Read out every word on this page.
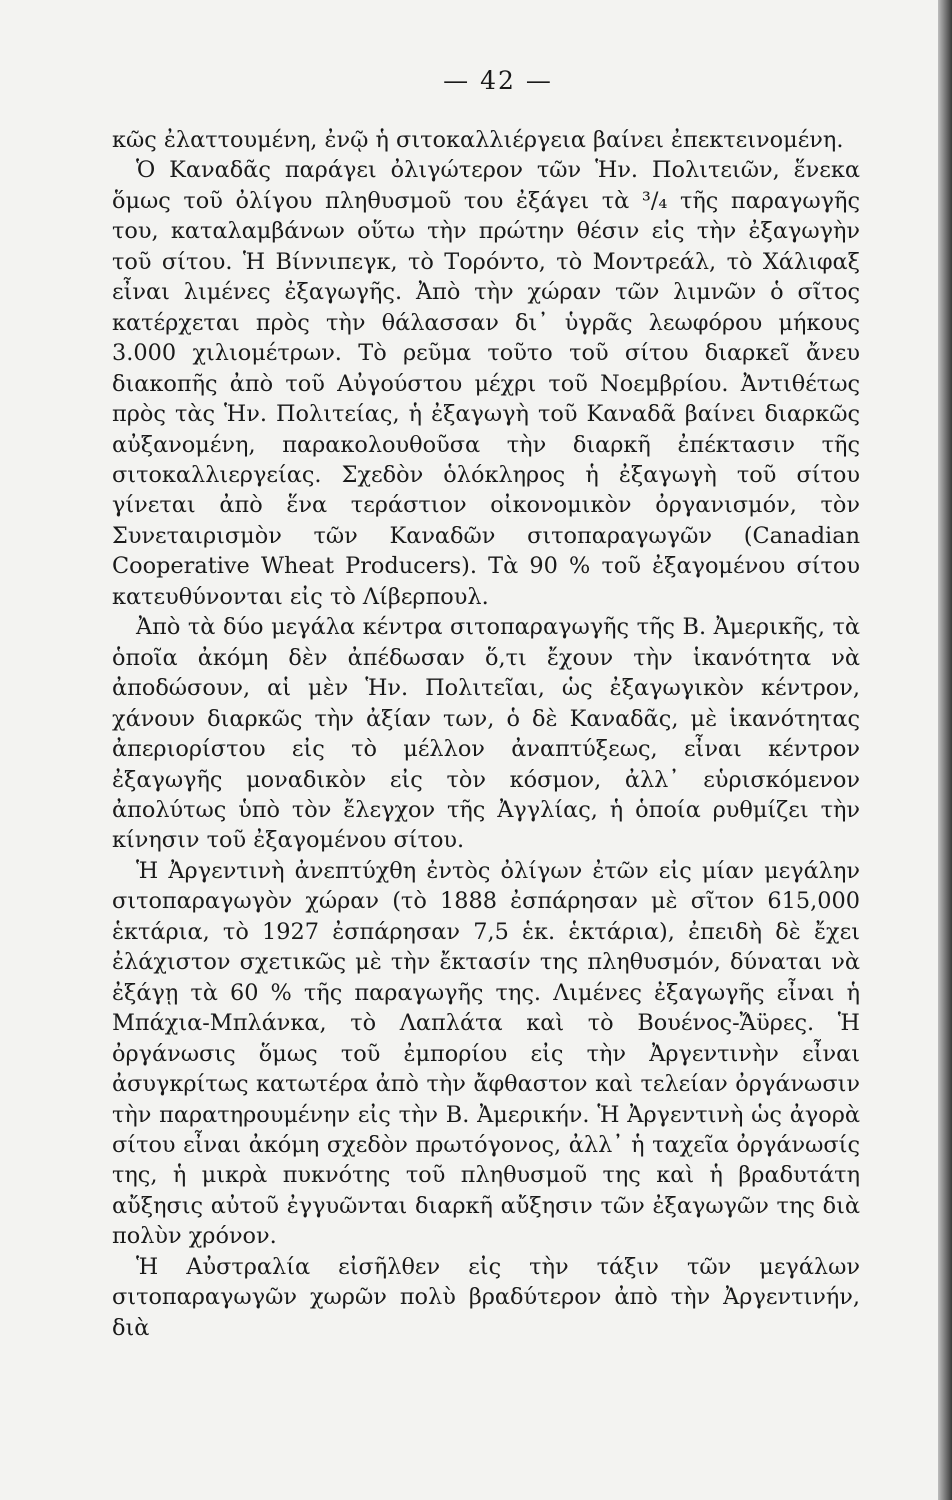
— 42 —

κῶς ἐλαττουμένη, ἐνῷ ἡ σιτοκαλλιέργεια βαίνει ἐπεκτεινομένη.

Ὁ Καναδᾶς παράγει ὀλιγώτερον τῶν Ἡν. Πολιτειῶν, ἕνεκα ὅμως τοῦ ὀλίγου πληθυσμοῦ του ἐξάγει τὰ ³/₄ τῆς παραγωγῆς του, καταλαμβάνων οὕτω τὴν πρώτην θέσιν εἰς τὴν ἐξαγωγὴν τοῦ σίτου. Ἡ Βίννιπεγκ, τὸ Τορόντο, τὸ Μοντρεάλ, τὸ Χάλιφαξ εἶναι λιμένες ἐξαγωγῆς. Ἀπὸ τὴν χώραν τῶν λιμνῶν ὁ σῖτος κατέρχεται πρὸς τὴν θάλασσαν δι᾽ ὑγρᾶς λεωφόρου μήκους 3.000 χιλιομέτρων. Τὸ ρεῦμα τοῦτο τοῦ σίτου διαρκεῖ ἄνευ διακοπῆς ἀπὸ τοῦ Αὐγούστου μέχρι τοῦ Νοεμβρίου. Ἀντιθέτως πρὸς τὰς Ἡν. Πολιτείας, ἡ ἐξαγωγὴ τοῦ Καναδᾶ βαίνει διαρκῶς αὐξανομένη, παρακολουθοῦσα τὴν διαρκῆ ἐπέκτασιν τῆς σιτοκαλλιεργείας. Σχεδὸν ὁλόκληρος ἡ ἐξαγωγὴ τοῦ σίτου γίνεται ἀπὸ ἕνα τεράστιον οἰκονομικὸν ὀργανισμόν, τὸν Συνεταιρισμὸν τῶν Καναδῶν σιτοπαραγωγῶν (Canadian Cooperative Wheat Producers). Τὰ 90 % τοῦ ἐξαγομένου σίτου κατευθύνονται εἰς τὸ Λίβερπουλ.

Ἀπὸ τὰ δύο μεγάλα κέντρα σιτοπαραγωγῆς τῆς Β. Ἀμερικῆς, τὰ ὁποῖα ἀκόμη δὲν ἀπέδωσαν ὅ,τι ἔχουν τὴν ἱκανότητα νὰ ἀποδώσουν, αἱ μὲν Ἡν. Πολιτεῖαι, ὡς ἐξαγωγικὸν κέντρον, χάνουν διαρκῶς τὴν ἀξίαν των, ὁ δὲ Καναδᾶς, μὲ ἱκανότητας ἀπεριορίστου εἰς τὸ μέλλον ἀναπτύξεως, εἶναι κέντρον ἐξαγωγῆς μοναδικὸν εἰς τὸν κόσμον, ἀλλ᾽ εὑρισκόμενον ἀπολύτως ὑπὸ τὸν ἔλεγχον τῆς Ἀγγλίας, ἡ ὁποία ρυθμίζει τὴν κίνησιν τοῦ ἐξαγομένου σίτου.

Ἡ Ἀργεντινὴ ἀνεπτύχθη ἐντὸς ὀλίγων ἐτῶν εἰς μίαν μεγάλην σιτοπαραγωγὸν χώραν (τὸ 1888 ἐσπάρησαν μὲ σῖτον 615,000 ἑκτάρια, τὸ 1927 ἐσπάρησαν 7,5 ἑκ. ἑκτάρια), ἐπειδὴ δὲ ἔχει ἐλάχιστον σχετικῶς μὲ τὴν ἔκτασίν της πληθυσμόν, δύναται νὰ ἐξάγῃ τὰ 60 % τῆς παραγωγῆς της. Λιμένες ἐξαγωγῆς εἶναι ἡ Μπάχια-Μπλάνκα, τὸ Λαπλάτα καὶ τὸ Βουένος-Ἄϋρες. Ἡ ὀργάνωσις ὅμως τοῦ ἐμπορίου εἰς τὴν Ἀργεντινὴν εἶναι ἀσυγκρίτως κατωτέρα ἀπὸ τὴν ἄφθαστον καὶ τελείαν ὀργάνωσιν τὴν παρατηρουμένην εἰς τὴν Β. Ἀμερικήν. Ἡ Ἀργεντινὴ ὡς ἀγορὰ σίτου εἶναι ἀκόμη σχεδὸν πρωτόγονος, ἀλλ᾽ ἡ ταχεῖα ὀργάνωσίς της, ἡ μικρὰ πυκνότης τοῦ πληθυσμοῦ της καὶ ἡ βραδυτάτη αὔξησις αὐτοῦ ἐγγυῶνται διαρκῆ αὔξησιν τῶν ἐξαγωγῶν της διὰ πολὺν χρόνον.

Ἡ Αὐστραλία εἰσῆλθεν εἰς τὴν τάξιν τῶν μεγάλων σιτοπαραγωγῶν χωρῶν πολὺ βραδύτερον ἀπὸ τὴν Ἀργεντινήν, διὰ
